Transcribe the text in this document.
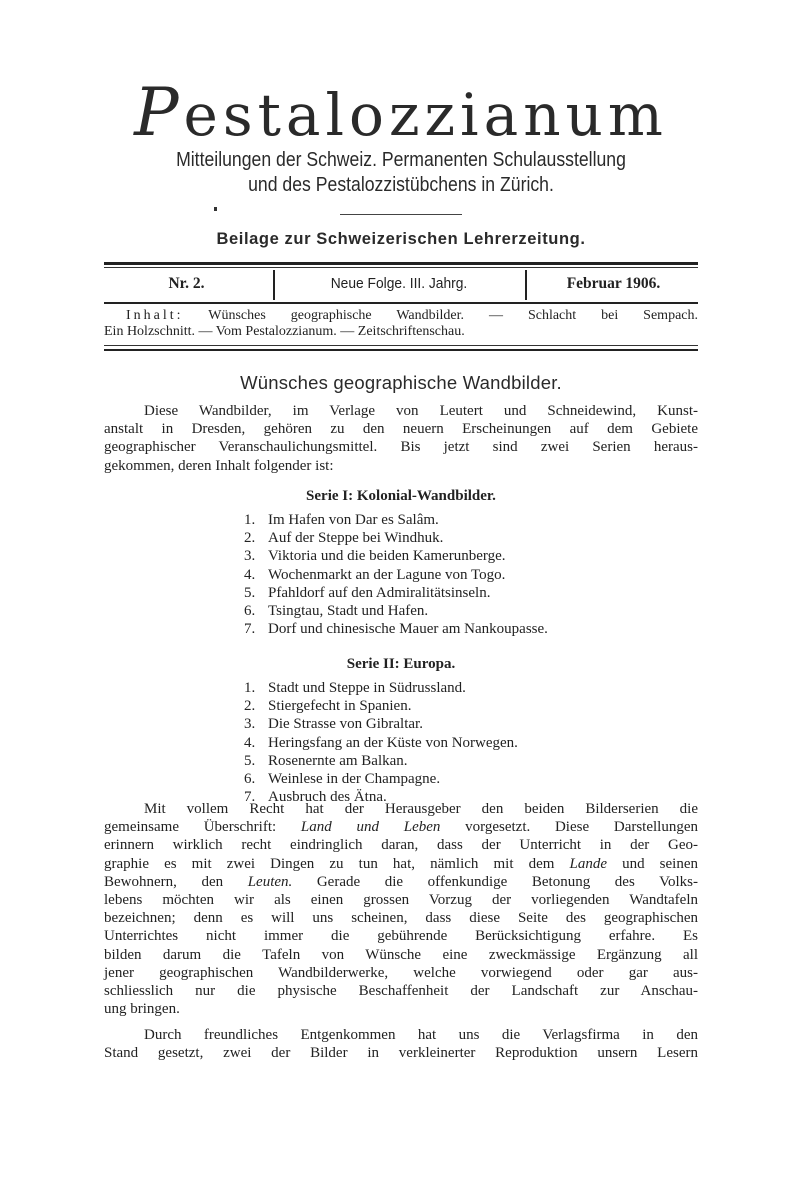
Pestalozzianum
Mitteilungen der Schweiz. Permanenten Schulausstellung
und des Pestalozzistübchens in Zürich.
Beilage zur Schweizerischen Lehrerzeitung.
Nr. 2.	Neue Folge. III. Jahrg.	Februar 1906.
Inhalt: Wünsches geographische Wandbilder. — Schlacht bei Sempach.
Ein Holzschnitt. — Vom Pestalozzianum. — Zeitschriftenschau.
Wünsches geographische Wandbilder.
Diese Wandbilder, im Verlage von Leutert und Schneidewind, Kunst-
anstalt in Dresden, gehören zu den neuern Erscheinungen auf dem Gebiete
geographischer Veranschaulichungsmittel. Bis jetzt sind zwei Serien heraus-
gekommen, deren Inhalt folgender ist:
Serie I: Kolonial-Wandbilder.
1. Im Hafen von Dar es Salâm.
2. Auf der Steppe bei Windhuk.
3. Viktoria und die beiden Kamerunberge.
4. Wochenmarkt an der Lagune von Togo.
5. Pfahldorf auf den Admiralitätsinseln.
6. Tsingtau, Stadt und Hafen.
7. Dorf und chinesische Mauer am Nankoupasse.
Serie II: Europa.
1. Stadt und Steppe in Südrussland.
2. Stiergefecht in Spanien.
3. Die Strasse von Gibraltar.
4. Heringsfang an der Küste von Norwegen.
5. Rosenernte am Balkan.
6. Weinlese in der Champagne.
7. Ausbruch des Ätna.
Mit vollem Recht hat der Herausgeber den beiden Bilderserien die
gemeinsame Überschrift: Land und Leben vorgesetzt. Diese Darstellungen
erinnern wirklich recht eindringlich daran, dass der Unterricht in der Geo-
graphie es mit zwei Dingen zu tun hat, nämlich mit dem Lande und seinen
Bewohnern, den Leuten. Gerade die offenkundige Betonung des Volks-
lebens möchten wir als einen grossen Vorzug der vorliegenden Wandtafeln
bezeichnen; denn es will uns scheinen, dass diese Seite des geographischen
Unterrichtes nicht immer die gebührende Berücksichtigung erfahre. Es
bilden darum die Tafeln von Wünsche eine zweckmässige Ergänzung all
jener geographischen Wandbilderwerke, welche vorwiegend oder gar aus-
schliesslich nur die physische Beschaffenheit der Landschaft zur Anschau-
ung bringen.
Durch freundliches Entgenkommen hat uns die Verlagsfirma in den
Stand gesetzt, zwei der Bilder in verkleinerter Reproduktion unsern Lesern
